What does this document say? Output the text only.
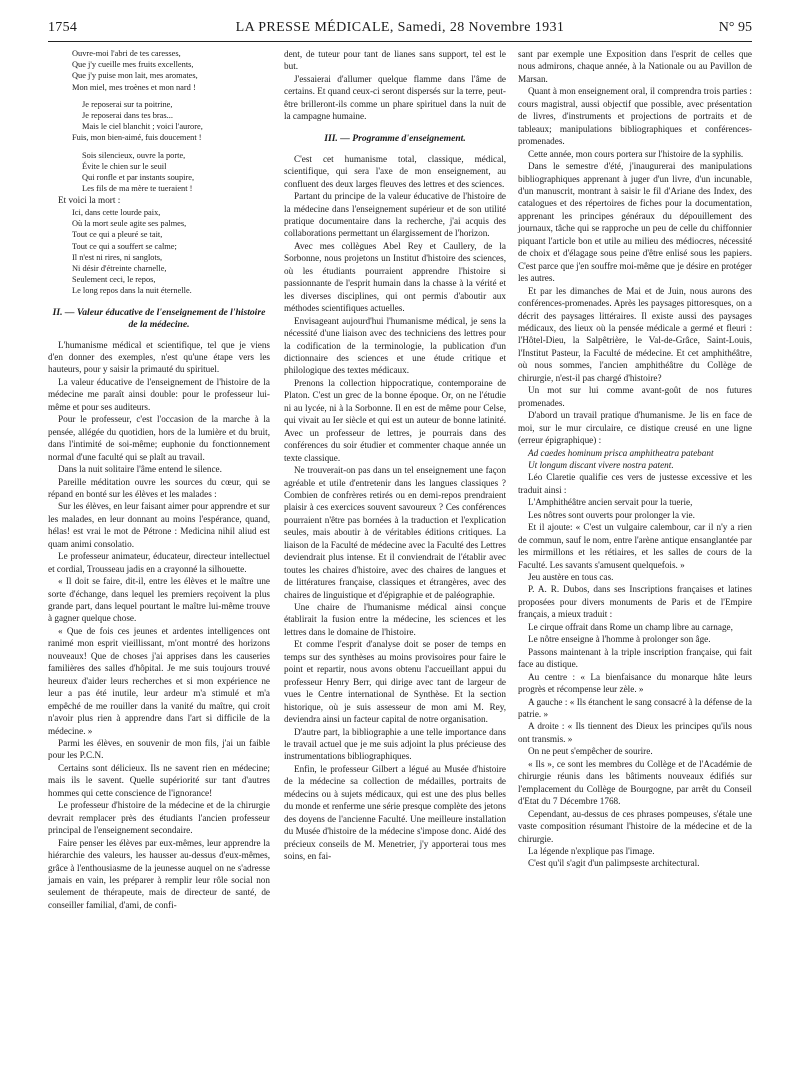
LA PRESSE MÉDICALE, Samedi, 28 Novembre 1931
1754	N° 95
Ouvre-moi l'abri de tes caresses,
Que j'y cueille mes fruits excellents,
Que j'y puise mon lait, mes aromates,
Mon miel, mes troènes et mon nard !
Je reposerai sur ta poitrine,
Je reposerai dans tes bras...
Mais le ciel blanchit ; voici l'aurore,
Fuis, mon bien-aimé, fuis doucement !
Sois silencieux, ouvre la porte,
Évite le chien sur le seuil
Qui ronfle et par instants soupire,
Les fils de ma mère te tueraient !

Et voici la mort :

Ici, dans cette lourde paix,
Où la mort seule agite ses palmes,
Tout ce qui a pleuré se tait,
Tout ce qui a souffert se calme;
Il n'est ni rires, ni sanglots,
Ni désir d'étreinte charnelle,
Seulement ceci, le repos,
Le long repos dans la nuit éternelle.
II. — Valeur éducative de l'enseignement de l'histoire de la médecine.

L'humanisme médical et scientifique, tel que je viens d'en donner des exemples, n'est qu'une étape vers les hauteurs, pour y saisir la primauté du spirituel.

La valeur éducative de l'enseignement de l'histoire de la médecine me paraît ainsi double: pour le professeur lui-même et pour ses auditeurs.

Pour le professeur, c'est l'occasion de la marche à la pensée, allégée du quotidien, hors de la lumière et du bruit, dans l'intimité de soi-même; euphonie du fonctionnement normal d'une faculté qui se plaît au travail.

Dans la nuit solitaire l'âme entend le silence.

Pareille méditation ouvre les sources du cœur, qui se répand en bonté sur les élèves et les malades :

Sur les élèves, en leur faisant aimer pour apprendre et sur les malades, en leur donnant au moins l'espérance, quand, hélas! est vrai le mot de Pétrone : Medicina nihil aliud est quam animi consolatio.

Le professeur animateur, éducateur, directeur intellectuel et cordial, Trousseau jadis en a crayonné la silhouette.

« Il doit se faire, dit-il, entre les élèves et le maître une sorte d'échange, dans lequel les premiers reçoivent la plus grande part, dans lequel pourtant le maître lui-même trouve à gagner quelque chose.

« Que de fois ces jeunes et ardentes intelligences ont ranimé mon esprit vieillissant, m'ont montré des horizons nouveaux! Que de choses j'ai apprises dans les causeries familières des salles d'hôpital. Je me suis toujours trouvé heureux d'aider leurs recherches et si mon expérience ne leur a pas été inutile, leur ardeur m'a stimulé et m'a empêché de me rouiller dans la vanité du maître, qui croit n'avoir plus rien à apprendre dans l'art si difficile de la médecine. »

Parmi les élèves, en souvenir de mon fils, j'ai un faible pour les P.C.N.

Certains sont délicieux. Ils ne savent rien en médecine; mais ils le savent. Quelle supériorité sur tant d'autres hommes qui cette conscience de l'ignorance!

Le professeur d'histoire de la médecine et de la chirurgie devrait remplacer près des étudiants l'ancien professeur principal de l'enseignement secondaire.

Faire penser les élèves par eux-mêmes, leur apprendre la hiérarchie des valeurs, les hausser au-dessus d'eux-mêmes, grâce à l'enthousiasme de la jeunesse auquel on ne s'adresse jamais en vain, les préparer à remplir leur rôle social non seulement de thérapeute, mais de directeur de santé, de conseiller familial, d'ami, de confi-

dent, de tuteur pour tant de lianes sans support, tel est le but.

J'essaierai d'allumer quelque flamme dans l'âme de certains. Et quand ceux-ci seront dispersés sur la terre, peut-être brilleront-ils comme un phare spirituel dans la nuit de la campagne humaine.

III. — Programme d'enseignement.

C'est cet humanisme total, classique, médical, scientifique, qui sera l'axe de mon enseignement, au confluent des deux larges fleuves des lettres et des sciences.

Partant du principe de la valeur éducative de l'histoire de la médecine dans l'enseignement supérieur et de son utilité pratique documentaire dans la recherche, j'ai acquis des collaborations permettant un élargissement de l'horizon.

Avec mes collègues Abel Rey et Caullery, de la Sorbonne, nous projetons un Institut d'histoire des sciences, où les étudiants pourraient apprendre l'histoire si passionnante de l'esprit humain dans la chasse à la vérité et les diverses disciplines, qui ont permis d'aboutir aux méthodes scientifiques actuelles.

Envisageant aujourd'hui l'humanisme médical, je sens la nécessité d'une liaison avec des techniciens des lettres pour la codification de la terminologie, la publication d'un dictionnaire des sciences et une étude critique et philologique des textes médicaux.

Prenons la collection hippocratique, contemporaine de Platon. C'est un grec de la bonne époque. Or, on ne l'étudie ni au lycée, ni à la Sorbonne. Il en est de même pour Celse, qui vivait au Ier siècle et qui est un auteur de bonne latinité. Avec un professeur de lettres, je pourrais dans des conférences du soir étudier et commenter chaque année un texte classique.

Ne trouverait-on pas dans un tel enseignement une façon agréable et utile d'entretenir dans les langues classiques ? Combien de confrères retirés ou en demi-repos prendraient plaisir à ces exercices souvent savoureux ? Ces conférences pourraient n'être pas bornées à la traduction et l'explication seules, mais aboutir à de véritables éditions critiques. La liaison de la Faculté de médecine avec la Faculté des Lettres deviendrait plus intense. Et il conviendrait de l'établir avec toutes les chaires d'histoire, avec des chaires de langues et de littératures française, classiques et étrangères, avec des chaires de linguistique et d'épigraphie et de paléographie.

Une chaire de l'humanisme médical ainsi conçue établirait la fusion entre la médecine, les sciences et les lettres dans le domaine de l'histoire.

Et comme l'esprit d'analyse doit se poser de temps en temps sur des synthèses au moins provisoires pour faire le point et repartir, nous avons obtenu l'accueillant appui du professeur Henry Berr, qui dirige avec tant de largeur de vues le Centre international de Synthèse. Et la section historique, où je suis assesseur de mon ami M. Rey, deviendra ainsi un facteur capital de notre organisation.

D'autre part, la bibliographie a une telle importance dans le travail actuel que je me suis adjoint la plus précieuse des instrumentations bibliographiques.

Enfin, le professeur Gilbert a légué au Musée d'histoire de la médecine sa collection de médailles, portraits de médecins ou à sujets médicaux, qui est une des plus belles du monde et renferme une série presque complète des jetons des doyens de l'ancienne Faculté. Une meilleure installation du Musée d'histoire de la médecine s'impose donc. Aidé des précieux conseils de M. Menetrier, j'y apporterai tous mes soins, en fai-

sant par exemple une Exposition dans l'esprit de celles que nous admirons, chaque année, à la Nationale ou au Pavillon de Marsan.

Quant à mon enseignement oral, il comprendra trois parties : cours magistral, aussi objectif que possible, avec présentation de livres, d'instruments et projections de portraits et de tableaux; manipulations bibliographiques et conférences-promenades.

Cette année, mon cours portera sur l'histoire de la syphilis.

Dans le semestre d'été, j'inaugurerai des manipulations bibliographiques apprenant à juger d'un livre, d'un incunable, d'un manuscrit, montrant à saisir le fil d'Ariane des Index, des catalogues et des répertoires de fiches pour la documentation, apprenant les principes généraux du dépouillement des journaux, tâche qui se rapproche un peu de celle du chiffonnier piquant l'article bon et utile au milieu des médiocres, nécessité de choix et d'élagage sous peine d'être enlisé sous les papiers. C'est parce que j'en souffre moi-même que je désire en protéger les autres.

Et par les dimanches de Mai et de Juin, nous aurons des conférences-promenades. Après les paysages pittoresques, on a décrit des paysages littéraires. Il existe aussi des paysages médicaux, des lieux où la pensée médicale a germé et fleuri : l'Hôtel-Dieu, la Salpêtrière, le Val-de-Grâce, Saint-Louis, l'Institut Pasteur, la Faculté de médecine. Et cet amphithéâtre, où nous sommes, l'ancien amphithéâtre du Collège de chirurgie, n'est-il pas chargé d'histoire?

Un mot sur lui comme avant-goût de nos futures promenades.

D'abord un travail pratique d'humanisme. Je lis en face de moi, sur le mur circulaire, ce distique creusé en une ligne (erreur épigraphique) :

Ad caedes hominum prisca amphitheatra patebant

Ut longum discant vivere nostra patent.

Léo Claretie qualifie ces vers de justesse excessive et les traduit ainsi :

L'Amphithéâtre ancien servait pour la tuerie,

Les nôtres sont ouverts pour prolonger la vie.

Et il ajoute: « C'est un vulgaire calembour, car il n'y a rien de commun, sauf le nom, entre l'arène antique ensanglantée par les mirmillons et les rétiaires, et les salles de cours de la Faculté. Les savants s'amusent quelquefois. »

Jeu austère en tous cas.

P. A. R. Dubos, dans ses Inscriptions françaises et latines proposées pour divers monuments de Paris et de l'Empire français, a mieux traduit :

Le cirque offrait dans Rome un champ libre au carnage,

Le nôtre enseigne à l'homme à prolonger son âge.

Passons maintenant à la triple inscription française, qui fait face au distique.

Au centre : « La bienfaisance du monarque hâte leurs progrès et récompense leur zèle. »

A gauche : « Ils étanchent le sang consacré à la défense de la patrie. »

A droite : « Ils tiennent des Dieux les principes qu'ils nous ont transmis. »

On ne peut s'empêcher de sourire.

« Ils », ce sont les membres du Collège et de l'Académie de chirurgie réunis dans les bâtiments nouveaux édifiés sur l'emplacement du Collège de Bourgogne, par arrêt du Conseil d'Etat du 7 Décembre 1768.

Cependant, au-dessus de ces phrases pompeuses, s'étale une vaste composition résumant l'histoire de la médecine et de la chirurgie.

La légende n'explique pas l'image.

C'est qu'il s'agit d'un palimpseste architectural.
